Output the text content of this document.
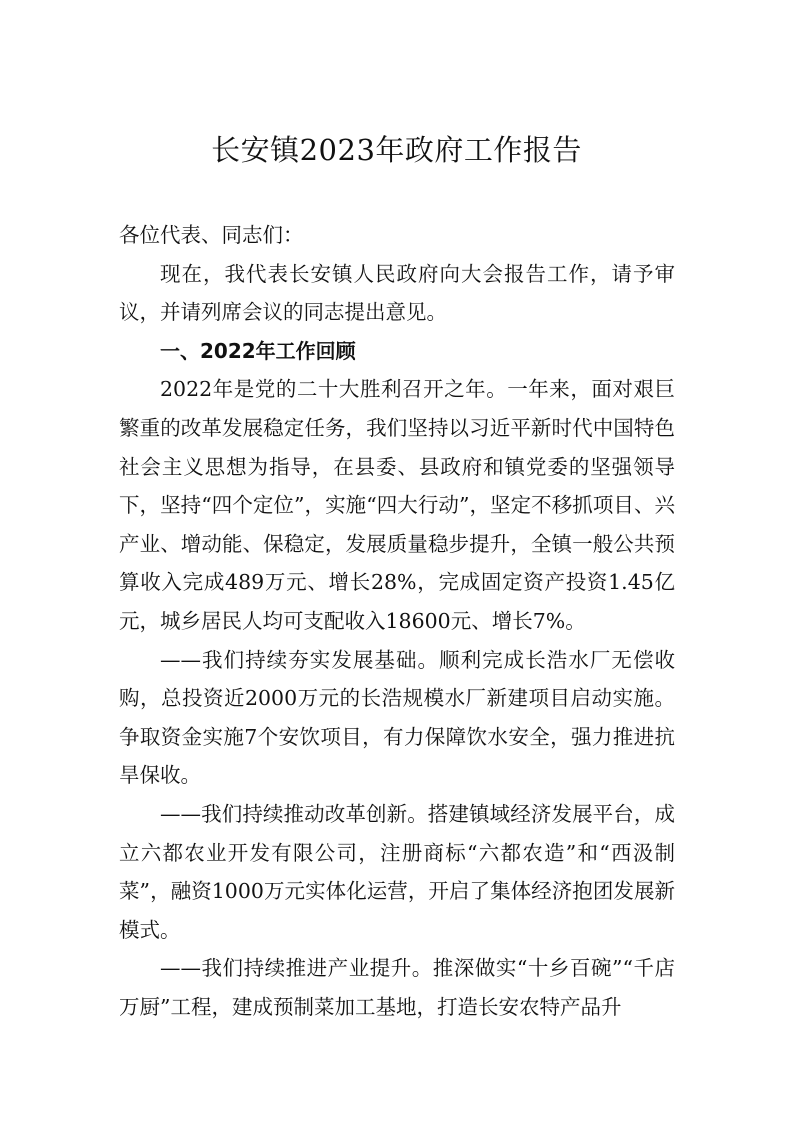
长安镇2023年政府工作报告

各位代表、同志们：

现在，我代表长安镇人民政府向大会报告工作，请予审议，并请列席会议的同志提出意见。

一、2022年工作回顾

2022年是党的二十大胜利召开之年。一年来，面对艰巨繁重的改革发展稳定任务，我们坚持以习近平新时代中国特色社会主义思想为指导，在县委、县政府和镇党委的坚强领导下，坚持“四个定位”，实施“四大行动”，坚定不移抓项目、兴产业、增动能、保稳定，发展质量稳步提升，全镇一般公共预算收入完成489万元、增长28%，完成固定资产投资1.45亿元，城乡居民人均可支配收入18600元、增长7%。

——我们持续夯实发展基础。顺利完成长浩水厂无偿收购，总投资近2000万元的长浩规模水厂新建项目启动实施。争取资金实施7个安饮项目，有力保障饮水安全，强力推进抗旱保收。

——我们持续推动改革创新。搭建镇域经济发展平台，成立六都农业开发有限公司，注册商标“六都农造”和“西汲制菜”，融资1000万元实体化运营，开启了集体经济抱团发展新模式。

——我们持续推进产业提升。推深做实“十乡百碗”“千店万厨”工程，建成预制菜加工基地，打造长安农特产品升
